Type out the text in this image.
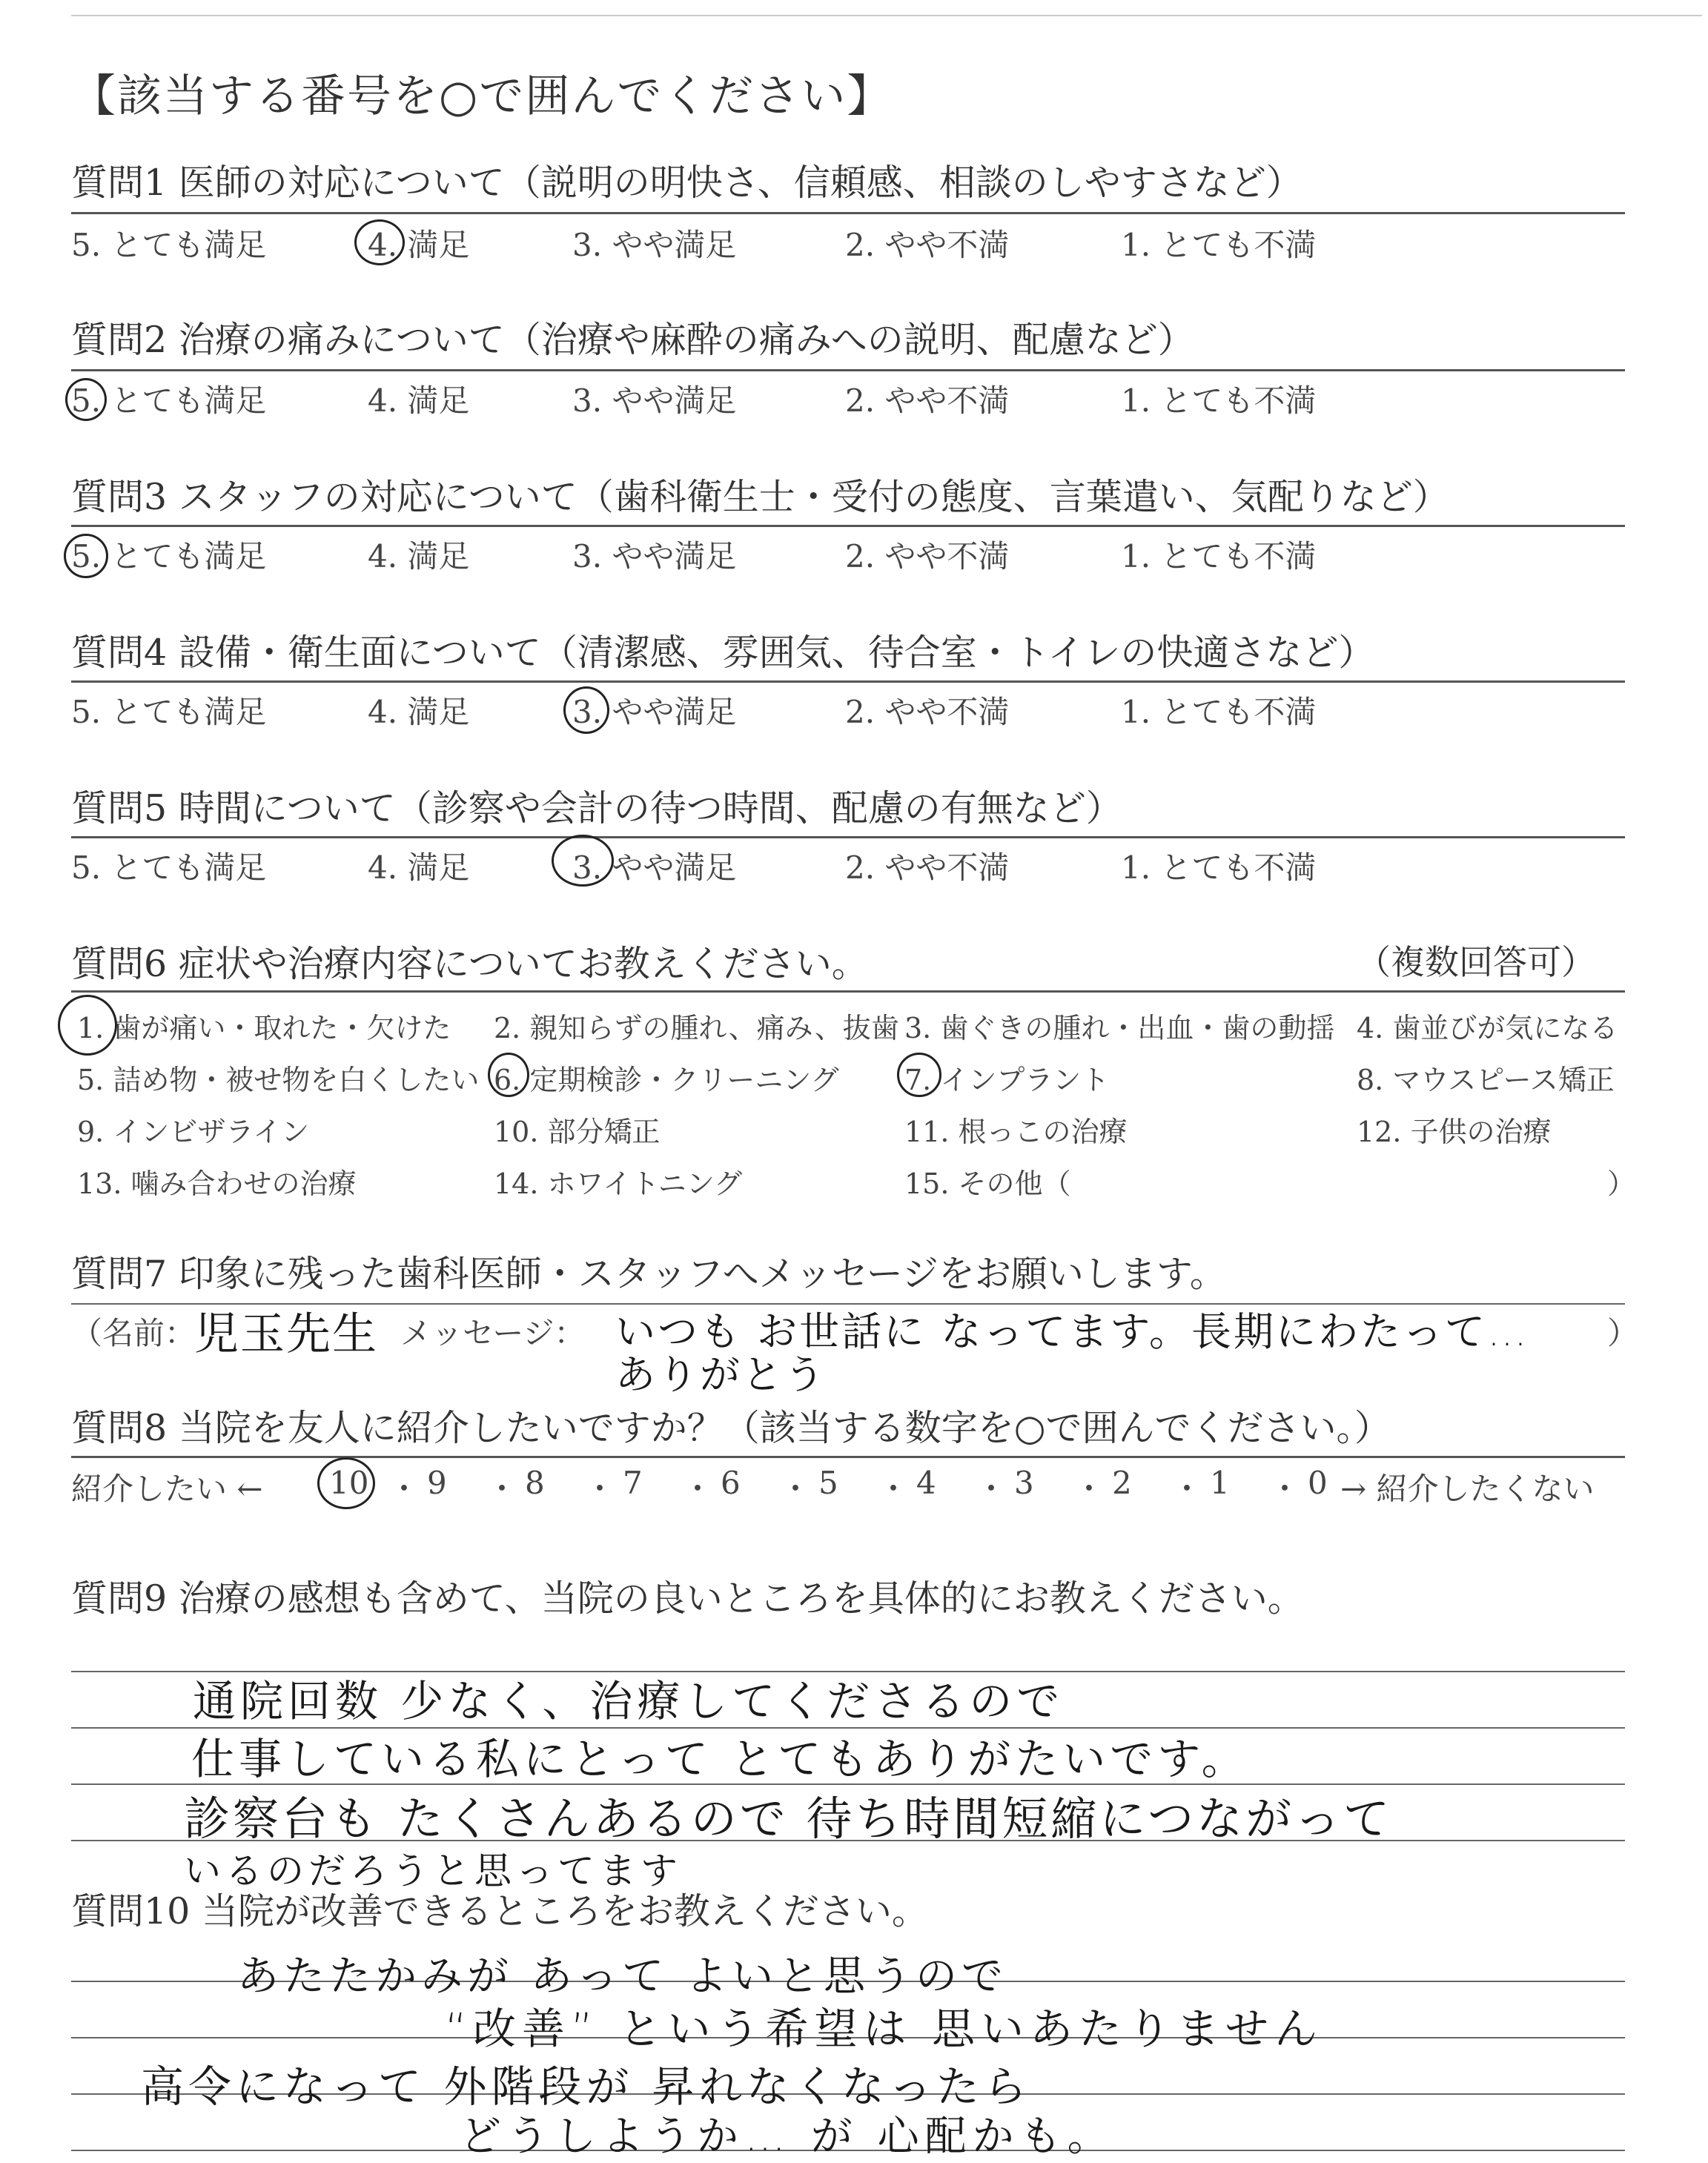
【該当する番号を○で囲んでください】
質問1 医師の対応について（説明の明快さ、信頼感、相談のしやすさなど）
5. とても満足	4. 満足	3. やや満足	2. やや不満	1. とても不満
質問2 治療の痛みについて（治療や麻酔の痛みへの説明、配慮など）
5. とても満足	4. 満足	3. やや満足	2. やや不満	1. とても不満
質問3 スタッフの対応について（歯科衛生士・受付の態度、言葉遣い、気配りなど）
5. とても満足	4. 満足	3. やや満足	2. やや不満	1. とても不満
質問4 設備・衛生面について（清潔感、雰囲気、待合室・トイレの快適さなど）
5. とても満足	4. 満足	3. やや満足	2. やや不満	1. とても不満
質問5 時間について（診察や会計の待つ時間、配慮の有無など）
5. とても満足	4. 満足	3. やや満足	2. やや不満	1. とても不満
質問6 症状や治療内容についてお教えください。	（複数回答可）
1. 歯が痛い・取れた・欠けた 2. 親知らずの腫れ、痛み、抜歯 3. 歯ぐきの腫れ・出血・歯の動揺 4. 歯並びが気になる
5. 詰め物・被せ物を白くしたい 6. 定期検診・クリーニング 7. インプラント	8. マウスピース矯正
9. インビザライン	10. 部分矯正	11. 根っこの治療	12. 子供の治療
13. 噛み合わせの治療	14. ホワイトニング	15. その他（	）
質問7 印象に残った歯科医師・スタッフへメッセージをお願いします。
（名前：
児玉先生 メッセージ： いつも お世話に なってます。長期にわたって… ありがとう
）
質問8 当院を友人に紹介したいですか？（該当する数字を○で囲んでください。）
紹介したい ← 10 ・ 9 ・ 8 ・ 7 ・ 6 ・ 5 ・ 4 ・ 3 ・ 2 ・ 1 ・ 0 → 紹介したくない
質問9 治療の感想も含めて、当院の良いところを具体的にお教えください。
通院回数 少なく、治療してくださるので
仕事している私にとって とてもありがたいです。
診察台も たくさんあるので 待ち時間短縮につながって
いるのだろうと思ってます
質問10 当院が改善できるところをお教えください。
あたたかみが あって よいと思うので
“改善” という希望は 思いあたりません
高令になって 外階段が 昇れなくなったら
どうしようか… が 心配かも。
